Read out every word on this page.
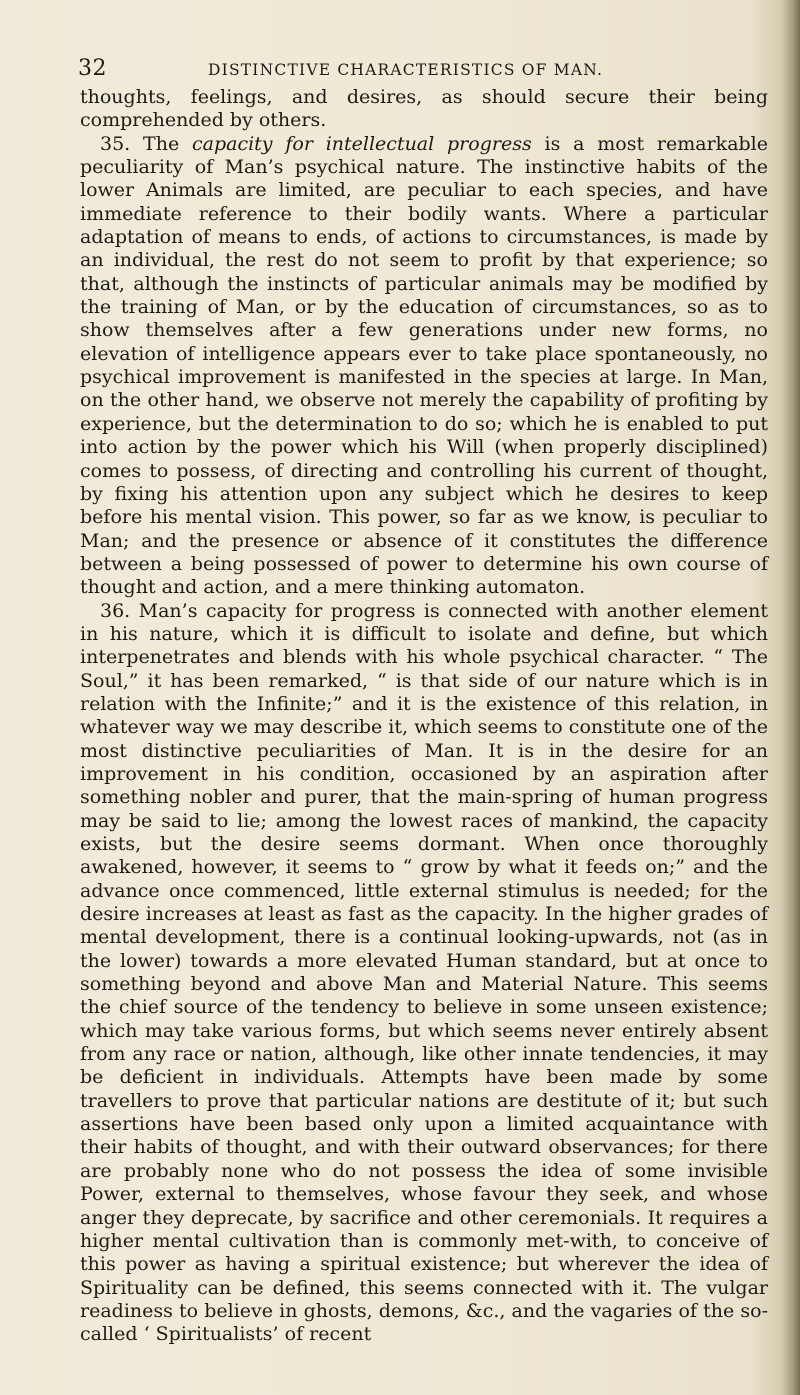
32	DISTINCTIVE CHARACTERISTICS OF MAN.

thoughts, feelings, and desires, as should secure their being comprehended by others.

35. The capacity for intellectual progress is a most remarkable peculiarity of Man’s psychical nature. The instinctive habits of the lower Animals are limited, are peculiar to each species, and have immediate reference to their bodily wants. Where a particular adaptation of means to ends, of actions to circumstances, is made by an individual, the rest do not seem to profit by that experience; so that, although the instincts of particular animals may be modified by the training of Man, or by the education of circumstances, so as to show themselves after a few generations under new forms, no elevation of intelligence appears ever to take place spontaneously, no psychical improvement is manifested in the species at large. In Man, on the other hand, we observe not merely the capability of profiting by experience, but the determination to do so; which he is enabled to put into action by the power which his Will (when properly disciplined) comes to possess, of directing and controlling his current of thought, by fixing his attention upon any subject which he desires to keep before his mental vision. This power, so far as we know, is peculiar to Man; and the presence or absence of it constitutes the difference between a being possessed of power to determine his own course of thought and action, and a mere thinking automaton.

36. Man’s capacity for progress is connected with another element in his nature, which it is difficult to isolate and define, but which interpenetrates and blends with his whole psychical character. “ The Soul,” it has been remarked, “ is that side of our nature which is in relation with the Infinite;” and it is the existence of this relation, in whatever way we may describe it, which seems to constitute one of the most distinctive peculiarities of Man. It is in the desire for an improvement in his condition, occasioned by an aspiration after something nobler and purer, that the main-spring of human progress may be said to lie; among the lowest races of mankind, the capacity exists, but the desire seems dormant. When once thoroughly awakened, however, it seems to “ grow by what it feeds on;” and the advance once commenced, little external stimulus is needed; for the desire increases at least as fast as the capacity. In the higher grades of mental development, there is a continual looking-upwards, not (as in the lower) towards a more elevated Human standard, but at once to something beyond and above Man and Material Nature. This seems the chief source of the tendency to believe in some unseen existence; which may take various forms, but which seems never entirely absent from any race or nation, although, like other innate tendencies, it may be deficient in individuals. Attempts have been made by some travellers to prove that particular nations are destitute of it; but such assertions have been based only upon a limited acquaintance with their habits of thought, and with their outward observances; for there are probably none who do not possess the idea of some invisible Power, external to themselves, whose favour they seek, and whose anger they deprecate, by sacrifice and other ceremonials. It requires a higher mental cultivation than is commonly met-with, to conceive of this power as having a spiritual existence; but wherever the idea of Spirituality can be defined, this seems connected with it. The vulgar readiness to believe in ghosts, demons, &c., and the vagaries of the so-called ‘ Spiritualists’ of recent
